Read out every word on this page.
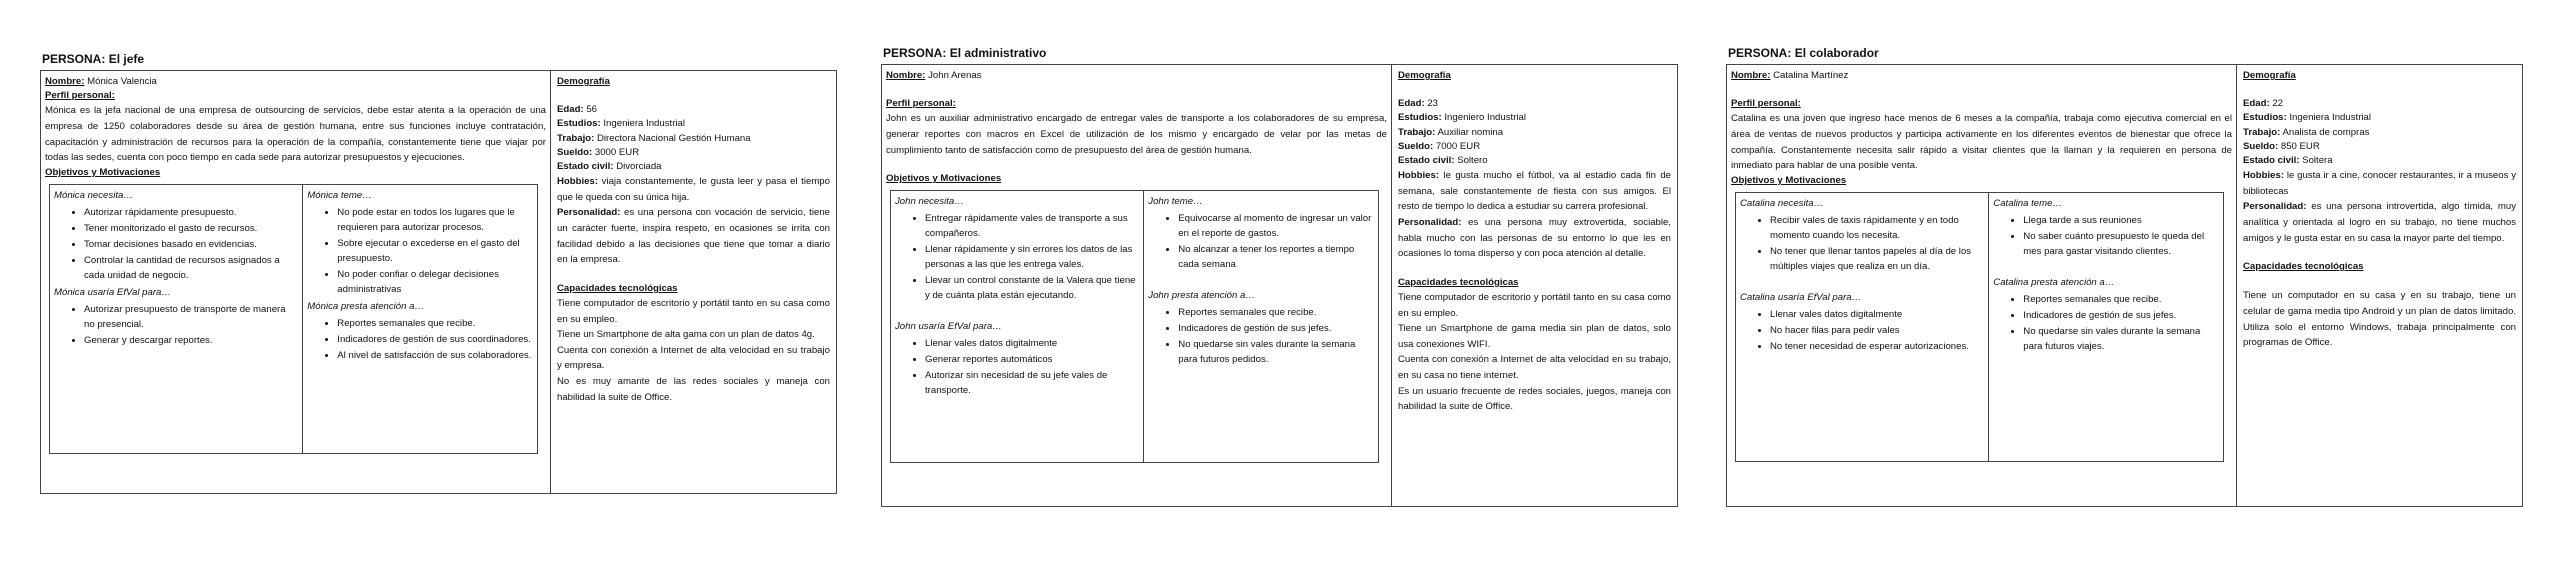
PERSONA: El jefe
Nombre: Mónica Valencia
Perfil personal:

Mónica es la jefa nacional de una empresa de outsourcing de servicios, debe estar atenta a la operación de una empresa de 1250 colaboradores desde su área de gestión humana, entre sus funciones incluye contratación, capacitación y administración de recursos para la operación de la compañía, constantemente tiene que viajar por todas las sedes, cuenta con poco tiempo en cada sede para autorizar presupuestos y ejecuciones.

Objetivos y Motivaciones
Mónica necesita…
• Autorizar rápidamente presupuesto.
• Tener monitorizado el gasto de recursos.
• Tomar decisiones basado en evidencias.
• Controlar la cantidad de recursos asignados a cada unidad de negocio.
Mónica usaría EfVal para…
• Autorizar presupuesto de transporte de manera no presencial.
• Generar y descargar reportes.
Mónica teme…
• No pode estar en todos los lugares que le requieren para autorizar procesos.
• Sobre ejecutar o excederse en el gasto del presupuesto.
• No poder confiar o delegar decisiones administrativas
Mónica presta atención a…
• Reportes semanales que recibe.
• Indicadores de gestión de sus coordinadores.
• Al nivel de satisfacción de sus colaboradores.
Demografía
Edad: 56
Estudios: Ingeniera Industrial
Trabajo: Directora Nacional Gestión Humana
Sueldo: 3000 EUR
Estado civil: Divorciada

Hobbies: viaja constantemente, le gusta leer y pasa el tiempo que le queda con su única hija.

Personalidad: es una persona con vocación de servicio, tiene un carácter fuerte, inspira respeto, en ocasiones se irrita con facilidad debido a las decisiones que tiene que tomar a diario en la empresa.

Capacidades tecnológicas

Tiene computador de escritorio y portátil tanto en su casa como en su empleo.

Tiene un Smartphone de alta gama con un plan de datos 4g.

Cuenta con conexión a Internet de alta velocidad en su trabajo y empresa.

No es muy amante de las redes sociales y maneja con habilidad la suite de Office.

PERSONA: El administrativo
Nombre: John Arenas
Perfil personal:

John es un auxiliar administrativo encargado de entregar vales de transporte a los colaboradores de su empresa, generar reportes con macros en Excel de utilización de los mismo y encargado de velar por las metas de cumplimiento tanto de satisfacción como de presupuesto del área de gestión humana.

Objetivos y Motivaciones
John necesita…
• Entregar rápidamente vales de transporte a sus compañeros.
• Llenar rápidamente y sin errores los datos de las personas a las que les entrega vales.
• Llevar un control constante de la Valera que tiene y de cuánta plata están ejecutando.
John usaría EfVal para…
• Llenar vales datos digitalmente
• Generar reportes automáticos
• Autorizar sin necesidad de su jefe vales de transporte.
John teme…
• Equivocarse al momento de ingresar un valor en el reporte de gastos.
• No alcanzar a tener los reportes a tiempo cada semana
John presta atención a…
• Reportes semanales que recibe.
• Indicadores de gestión de sus jefes.
• No quedarse sin vales durante la semana para futuros pedidos.
Demografía
Edad: 23
Estudios: Ingeniero Industrial
Trabajo: Auxiliar nomina
Sueldo: 7000 EUR
Estado civil: Soltero

Hobbies: le gusta mucho el fútbol, va al estadio cada fin de semana, sale constantemente de fiesta con sus amigos. El resto de tiempo lo dedica a estudiar su carrera profesional.

Personalidad: es una persona muy extrovertida, sociable, habla mucho con las personas de su entorno lo que les en ocasiones lo toma disperso y con poca atención al detalle.

Capacidades tecnológicas

Tiene computador de escritorio y portátil tanto en su casa como en su empleo.

Tiene un Smartphone de gama media sin plan de datos, solo usa conexiones WIFI.

Cuenta con conexión a Internet de alta velocidad en su trabajo, en su casa no tiene internet.

Es un usuario frecuente de redes sociales, juegos, maneja con habilidad la suite de Office.

PERSONA: El colaborador
Nombre: Catalina Martínez
Perfil personal:

Catalina es una joven que ingreso hace menos de 6 meses a la compañía, trabaja como ejecutiva comercial en el área de ventas de nuevos productos y participa activamente en los diferentes eventos de bienestar que ofrece la compañía. Constantemente necesita salir rápido a visitar clientes que la llaman y la requieren en persona de inmediato para hablar de una posible venta.

Objetivos y Motivaciones
Catalina necesita…
• Recibir vales de taxis rápidamente y en todo momento cuando los necesita.
• No tener que llenar tantos papeles al día de los múltiples viajes que realiza en un día.
Catalina usaría EfVal para…
• Llenar vales datos digitalmente
• No hacer filas para pedir vales
• No tener necesidad de esperar autorizaciones.
Catalina teme…
• Llega tarde a sus reuniones
• No saber cuánto presupuesto le queda del mes para gastar visitando clientes.
Catalina presta atención a…
• Reportes semanales que recibe.
• Indicadores de gestión de sus jefes.
• No quedarse sin vales durante la semana para futuros viajes.
Demografía
Edad: 22
Estudios: Ingeniera Industrial
Trabajo: Analista de compras
Sueldo: 850 EUR
Estado civil: Soltera

Hobbies: le gusta ir a cine, conocer restaurantes, ir a museos y bibliotecas

Personalidad: es una persona introvertida, algo tímida, muy analítica y orientada al logro en su trabajo, no tiene muchos amigos y le gusta estar en su casa la mayor parte del tiempo.

Capacidades tecnológicas

Tiene un computador en su casa y en su trabajo, tiene un celular de gama media tipo Android y un plan de datos limitado. Utiliza solo el entorno Windows, trabaja principalmente con programas de Office.
